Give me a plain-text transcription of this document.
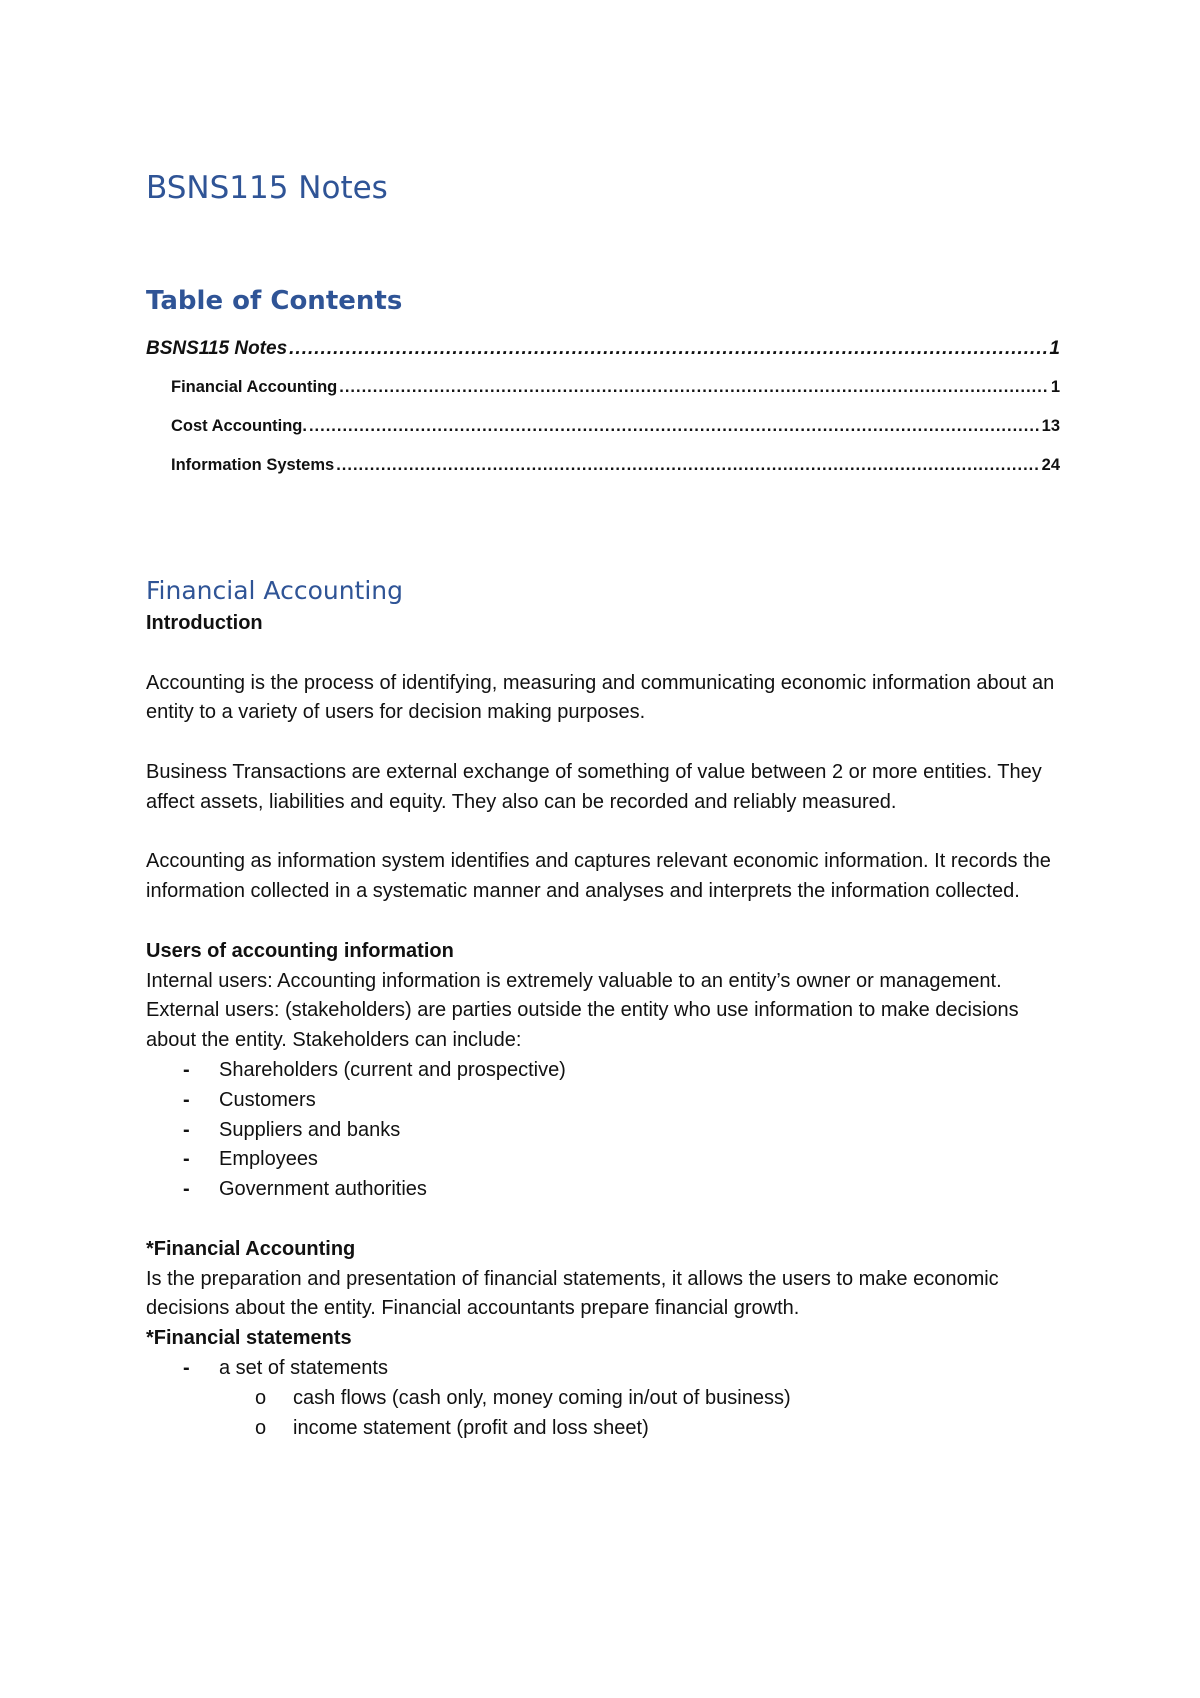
BSNS115 Notes
Table of Contents
BSNS115 Notes .....	1
Financial Accounting .....	1
Cost Accounting. .....	13
Information Systems .....	24
Financial Accounting

Introduction

Accounting is the process of identifying, measuring and communicating economic information about an entity to a variety of users for decision making purposes.

Business Transactions are external exchange of something of value between 2 or more entities. They affect assets, liabilities and equity. They also can be recorded and reliably measured.

Accounting as information system identifies and captures relevant economic information. It records the information collected in a systematic manner and analyses and interprets the information collected.

Users of accounting information

Internal users: Accounting information is extremely valuable to an entity’s owner or management.

External users: (stakeholders) are parties outside the entity who use information to make decisions about the entity. Stakeholders can include:

- Shareholders (current and prospective)
- Customers
- Suppliers and banks
- Employees
- Government authorities

*Financial Accounting

Is the preparation and presentation of financial statements, it allows the users to make economic decisions about the entity. Financial accountants prepare financial growth.

*Financial statements

- a set of statements
o cash flows (cash only, money coming in/out of business)
o income statement (profit and loss sheet)
